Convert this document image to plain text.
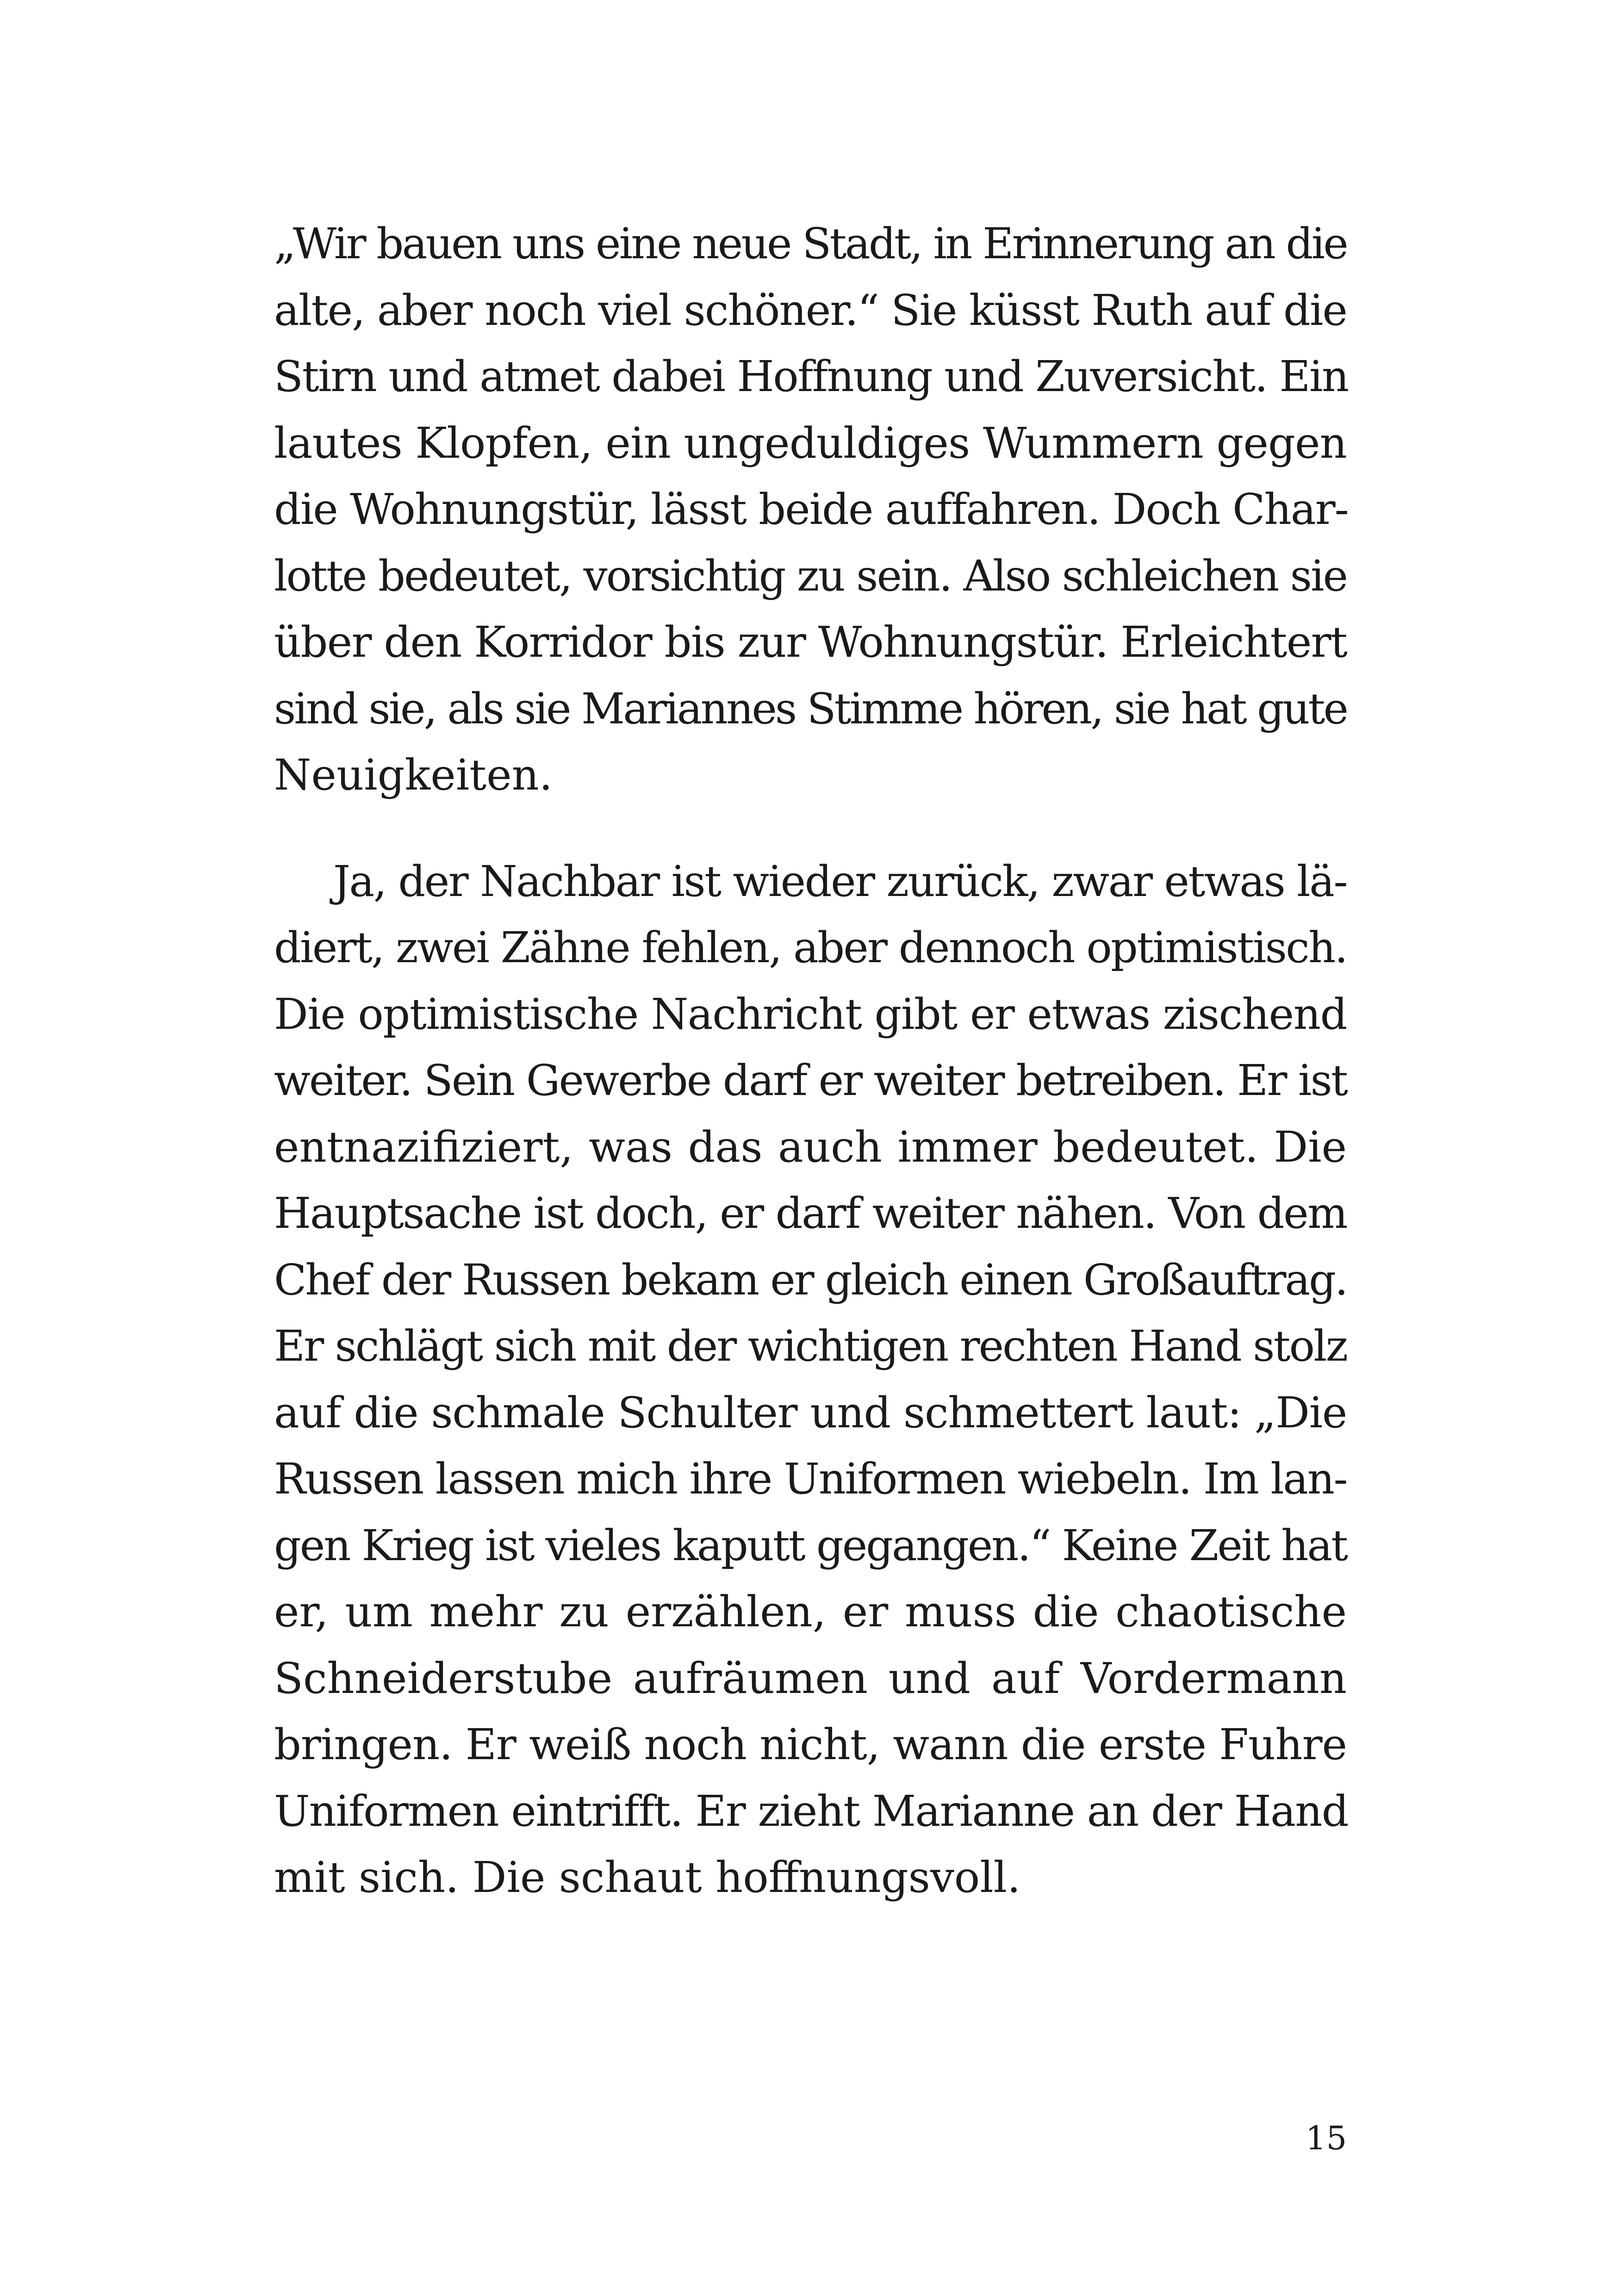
„Wir bauen uns eine neue Stadt, in Erinnerung an die
alte, aber noch viel schöner.“ Sie küsst Ruth auf die
Stirn und atmet dabei Hoffnung und Zuversicht. Ein
lautes Klopfen, ein ungeduldiges Wummern gegen
die Wohnungstür, lässt beide auffahren. Doch Char-
lotte bedeutet, vorsichtig zu sein. Also schleichen sie
über den Korridor bis zur Wohnungstür. Erleichtert
sind sie, als sie Mariannes Stimme hören, sie hat gute
Neuigkeiten.
Ja, der Nachbar ist wieder zurück, zwar etwas lä-
diert, zwei Zähne fehlen, aber dennoch optimistisch.
Die optimistische Nachricht gibt er etwas zischend
weiter. Sein Gewerbe darf er weiter betreiben. Er ist
entnazifiziert, was das auch immer bedeutet. Die
Hauptsache ist doch, er darf weiter nähen. Von dem
Chef der Russen bekam er gleich einen Großauftrag.
Er schlägt sich mit der wichtigen rechten Hand stolz
auf die schmale Schulter und schmettert laut: „Die
Russen lassen mich ihre Uniformen wiebeln. Im lan-
gen Krieg ist vieles kaputt gegangen.“ Keine Zeit hat
er, um mehr zu erzählen, er muss die chaotische
Schneiderstube aufräumen und auf Vordermann
bringen. Er weiß noch nicht, wann die erste Fuhre
Uniformen eintrifft. Er zieht Marianne an der Hand
mit sich. Die schaut hoffnungsvoll.
15
